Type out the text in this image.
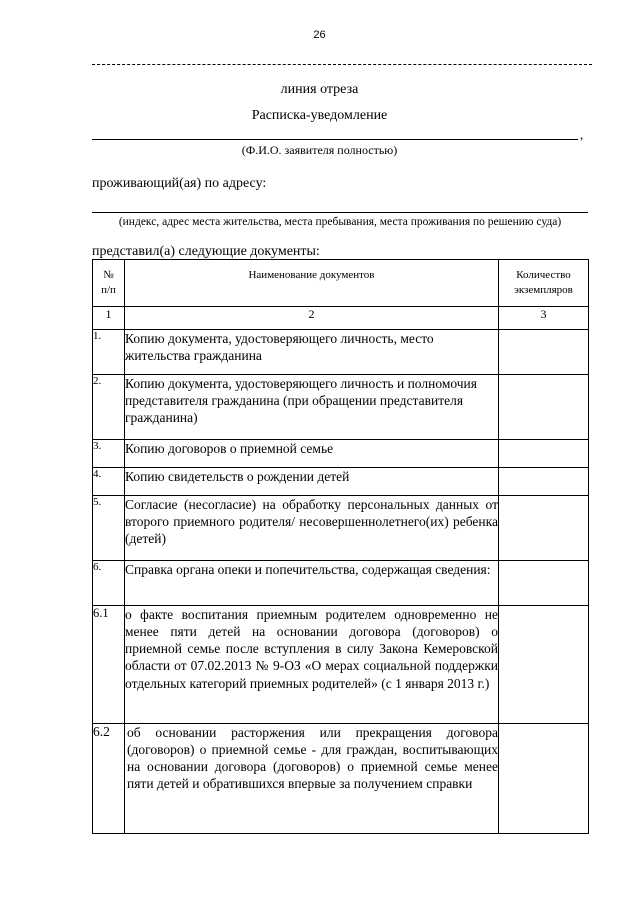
26
линия отреза
Расписка-уведомление
,
(Ф.И.О. заявителя полностью)
проживающий(ая) по адресу:
(индекс, адрес места жительства, места пребывания, места проживания по решению суда)
представил(а) следующие документы:
№
п/п	Наименование документов	Количество
экземпляров
1	2	3
1.	Копию документа, удостоверяющего личность, место жительства гражданина	
2.	Копию документа, удостоверяющего личность и полномочия представителя гражданина (при обращении представителя гражданина)	
3.	Копию договоров о приемной семье	
4.	Копию свидетельств о рождении детей	
5.	Согласие (несогласие) на обработку персональных данных от второго приемного родителя/ несовершеннолетнего(их) ребенка (детей)	
6.	Справка органа опеки и попечительства, содержащая сведения:	
6.1	о факте воспитания приемным родителем одновременно не менее пяти детей на основании договора (договоров) о приемной семье после вступления в силу Закона Кемеровской области от 07.02.2013 № 9-ОЗ «О мерах социальной поддержки отдельных категорий приемных родителей» (с 1 января 2013 г.)	
6.2	об основании расторжения или прекращения договора (договоров) о приемной семье - для граждан, воспитывающих на основании договора (договоров) о приемной семье менее пяти детей и обратившихся впервые за получением справки	
